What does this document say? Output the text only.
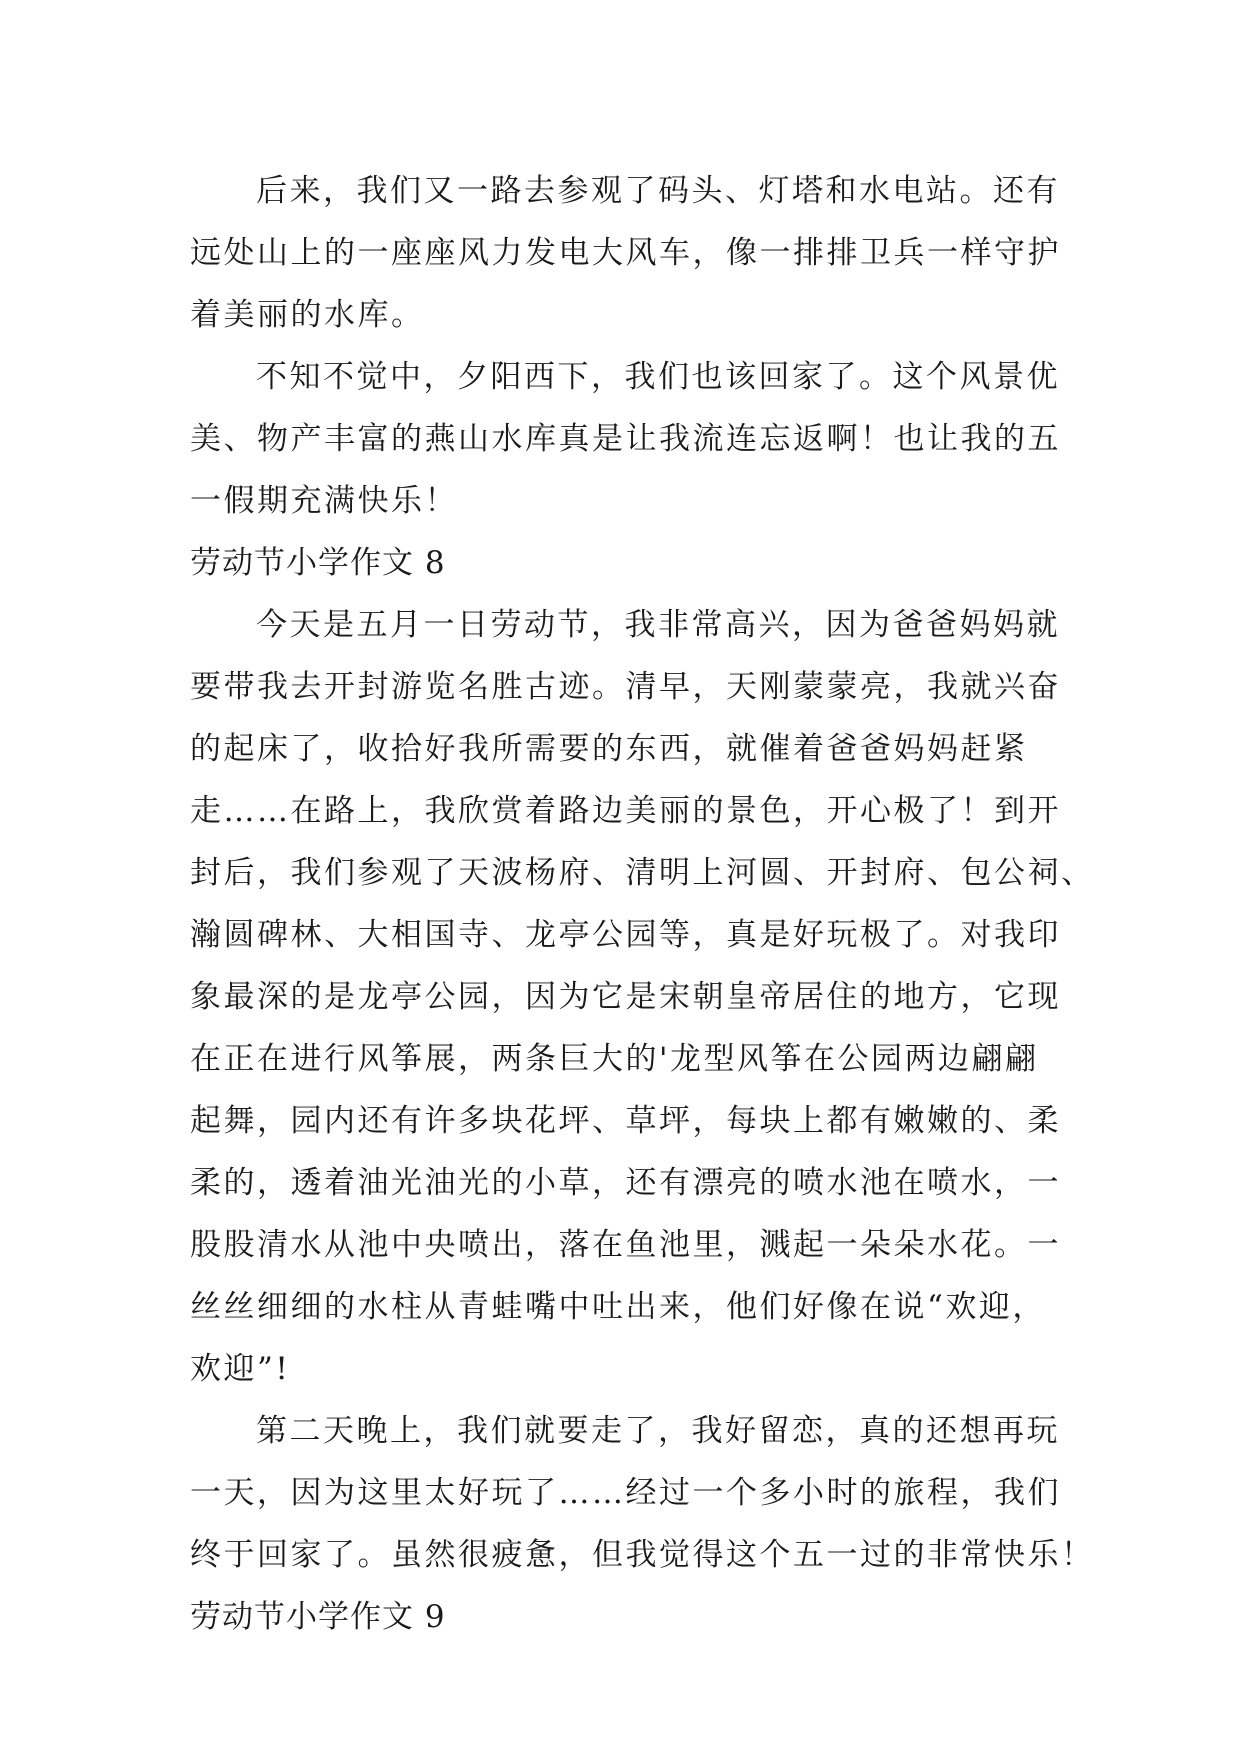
后来，我们又一路去参观了码头、灯塔和水电站。还有
远处山上的一座座风力发电大风车，像一排排卫兵一样守护
着美丽的水库。
不知不觉中，夕阳西下，我们也该回家了。这个风景优
美、物产丰富的燕山水库真是让我流连忘返啊！也让我的五
一假期充满快乐！
劳动节小学作文 8
今天是五月一日劳动节，我非常高兴，因为爸爸妈妈就
要带我去开封游览名胜古迹。清早，天刚蒙蒙亮，我就兴奋
的起床了，收拾好我所需要的东西，就催着爸爸妈妈赶紧
走……在路上，我欣赏着路边美丽的景色，开心极了！到开
封后，我们参观了天波杨府、清明上河圆、开封府、包公祠、
瀚圆碑林、大相国寺、龙亭公园等，真是好玩极了。对我印
象最深的是龙亭公园，因为它是宋朝皇帝居住的地方，它现
在正在进行风筝展，两条巨大的'龙型风筝在公园两边翩翩
起舞，园内还有许多块花坪、草坪，每块上都有嫩嫩的、柔
柔的，透着油光油光的小草，还有漂亮的喷水池在喷水，一
股股清水从池中央喷出，落在鱼池里，溅起一朵朵水花。一
丝丝细细的水柱从青蛙嘴中吐出来，他们好像在说“欢迎，
欢迎”!
第二天晚上，我们就要走了，我好留恋，真的还想再玩
一天，因为这里太好玩了……经过一个多小时的旅程，我们
终于回家了。虽然很疲惫，但我觉得这个五一过的非常快乐！
劳动节小学作文 9
